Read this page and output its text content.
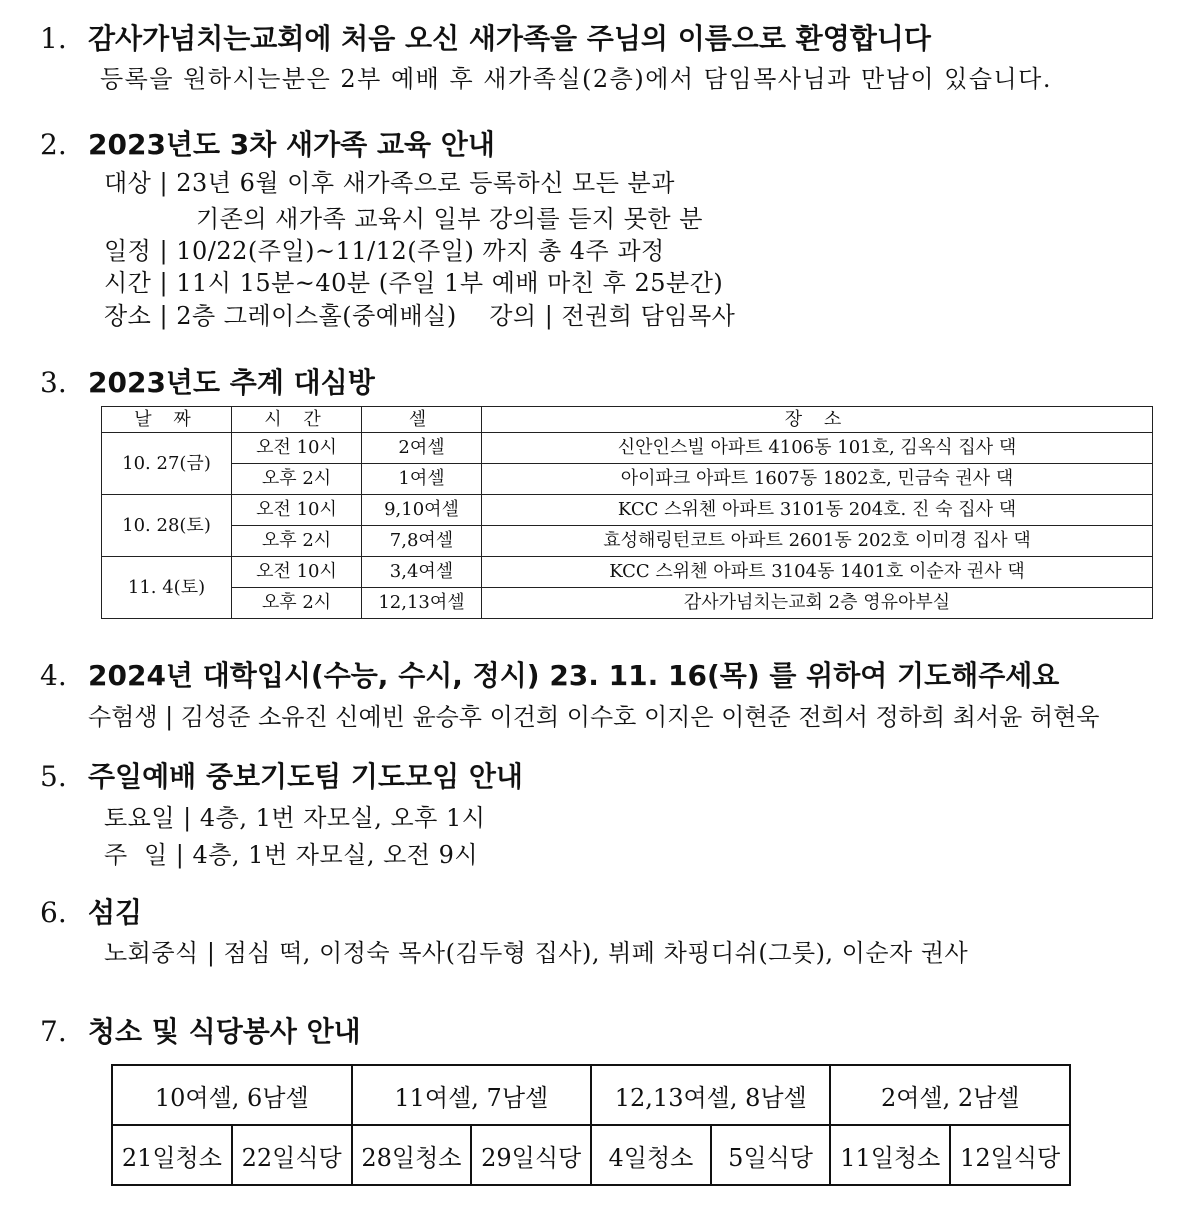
1. 감사가넘치는교회에 처음 오신 새가족을 주님의 이름으로 환영합니다
등록을 원하시는분은 2부 예배 후 새가족실(2층)에서 담임목사님과 만남이 있습니다.
2. 2023년도 3차 새가족 교육 안내
대상 | 23년 6월 이후 새가족으로 등록하신 모든 분과
기존의 새가족 교육시 일부 강의를 듣지 못한 분
일정 | 10/22(주일)~11/12(주일) 까지 총 4주 과정
시간 | 11시 15분~40분 (주일 1부 예배 마친 후 25분간)
장소 | 2층 그레이스홀(중예배실)    강의 | 전권희 담임목사
3. 2023년도 추계 대심방
날 짜	시 간	셀	장 소
10. 27(금)	오전 10시	2여셀	신안인스빌 아파트 4106동 101호, 김옥식 집사 댁
	오후 2시	1여셀	아이파크 아파트 1607동 1802호, 민금숙 권사 댁
10. 28(토)	오전 10시	9,10여셀	KCC 스위첸 아파트 3101동 204호. 진 숙 집사 댁
	오후 2시	7,8여셀	효성해링턴코트 아파트 2601동 202호 이미경 집사 댁
11. 4(토)	오전 10시	3,4여셀	KCC 스위첸 아파트 3104동 1401호 이순자 권사 댁
	오후 2시	12,13여셀	감사가넘치는교회 2층 영유아부실
4. 2024년 대학입시(수능, 수시, 정시) 23. 11. 16(목) 를 위하여 기도해주세요
수험생 | 김성준 소유진 신예빈 윤승후 이건희 이수호 이지은 이현준 전희서 정하희 최서윤 허현욱
5. 주일예배 중보기도팀 기도모임 안내
토요일 | 4층, 1번 자모실, 오후 1시
주  일 | 4층, 1번 자모실, 오전 9시
6. 섬김
노회중식 | 점심 떡, 이정숙 목사(김두형 집사), 뷔페 차핑디쉬(그릇), 이순자 권사
7. 청소 및 식당봉사 안내
10여셀, 6남셀		11여셀, 7남셀		12,13여셀, 8남셀		2여셀, 2남셀	
21일청소	22일식당	28일청소	29일식당	4일청소	5일식당	11일청소	12일식당
